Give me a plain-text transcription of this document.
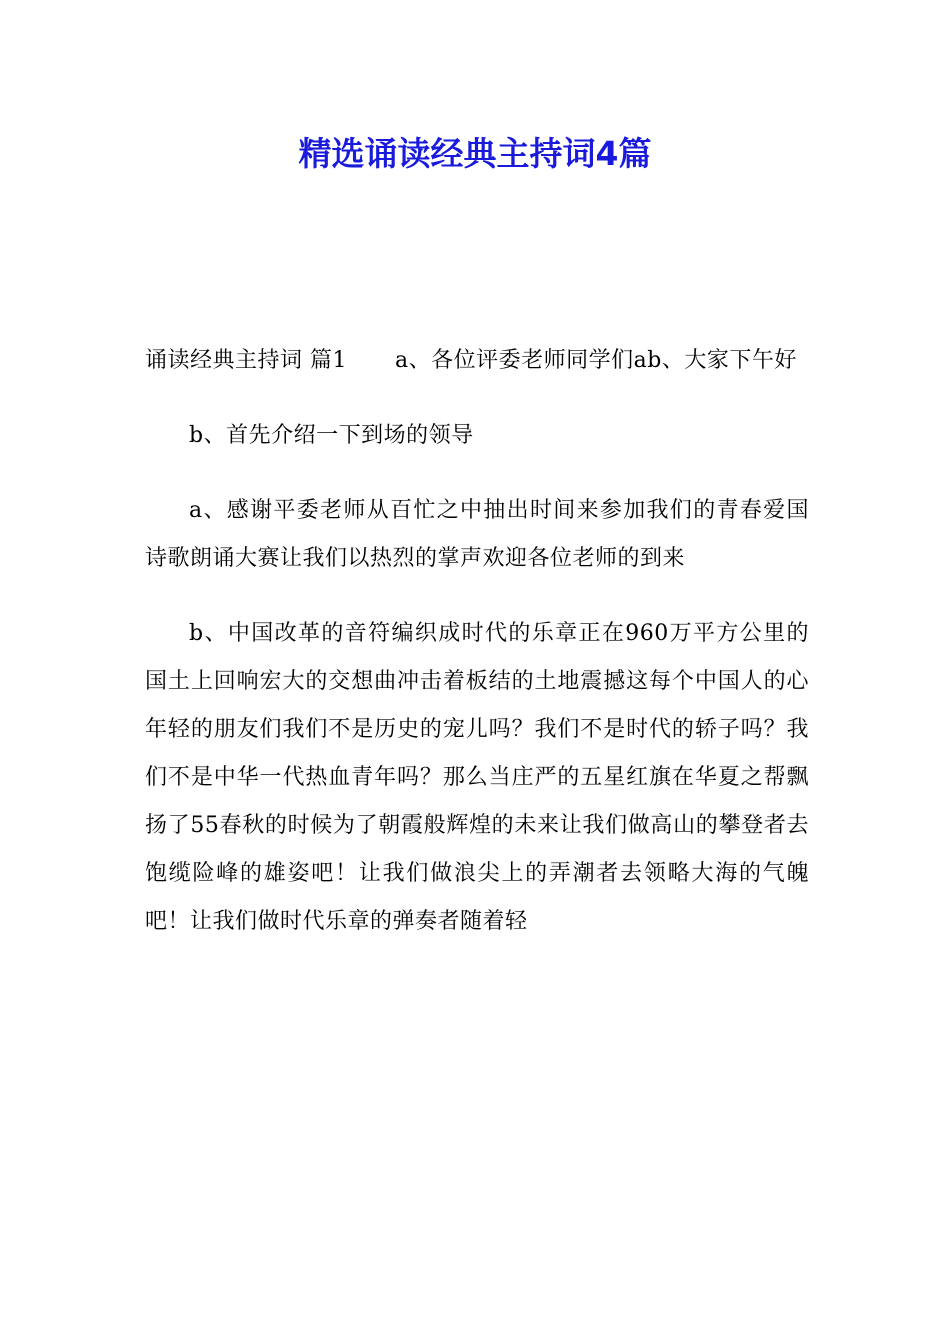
精选诵读经典主持词4篇

诵读经典主持词 篇1 a、各位评委老师同学们ab、大家下午好

b、首先介绍一下到场的领导

a、感谢平委老师从百忙之中抽出时间来参加我们的青春爱国诗歌朗诵大赛让我们以热烈的掌声欢迎各位老师的到来

b、中国改革的音符编织成时代的乐章正在960万平方公里的国土上回响宏大的交想曲冲击着板结的土地震撼这每个中国人的心年轻的朋友们我们不是历史的宠儿吗？我们不是时代的轿子吗？我们不是中华一代热血青年吗？那么当庄严的五星红旗在华夏之帮飘扬了55春秋的时候为了朝霞般辉煌的未来让我们做高山的攀登者去饱缆险峰的雄姿吧！让我们做浪尖上的弄潮者去领略大海的气魄吧！让我们做时代乐章的弹奏者随着轻
